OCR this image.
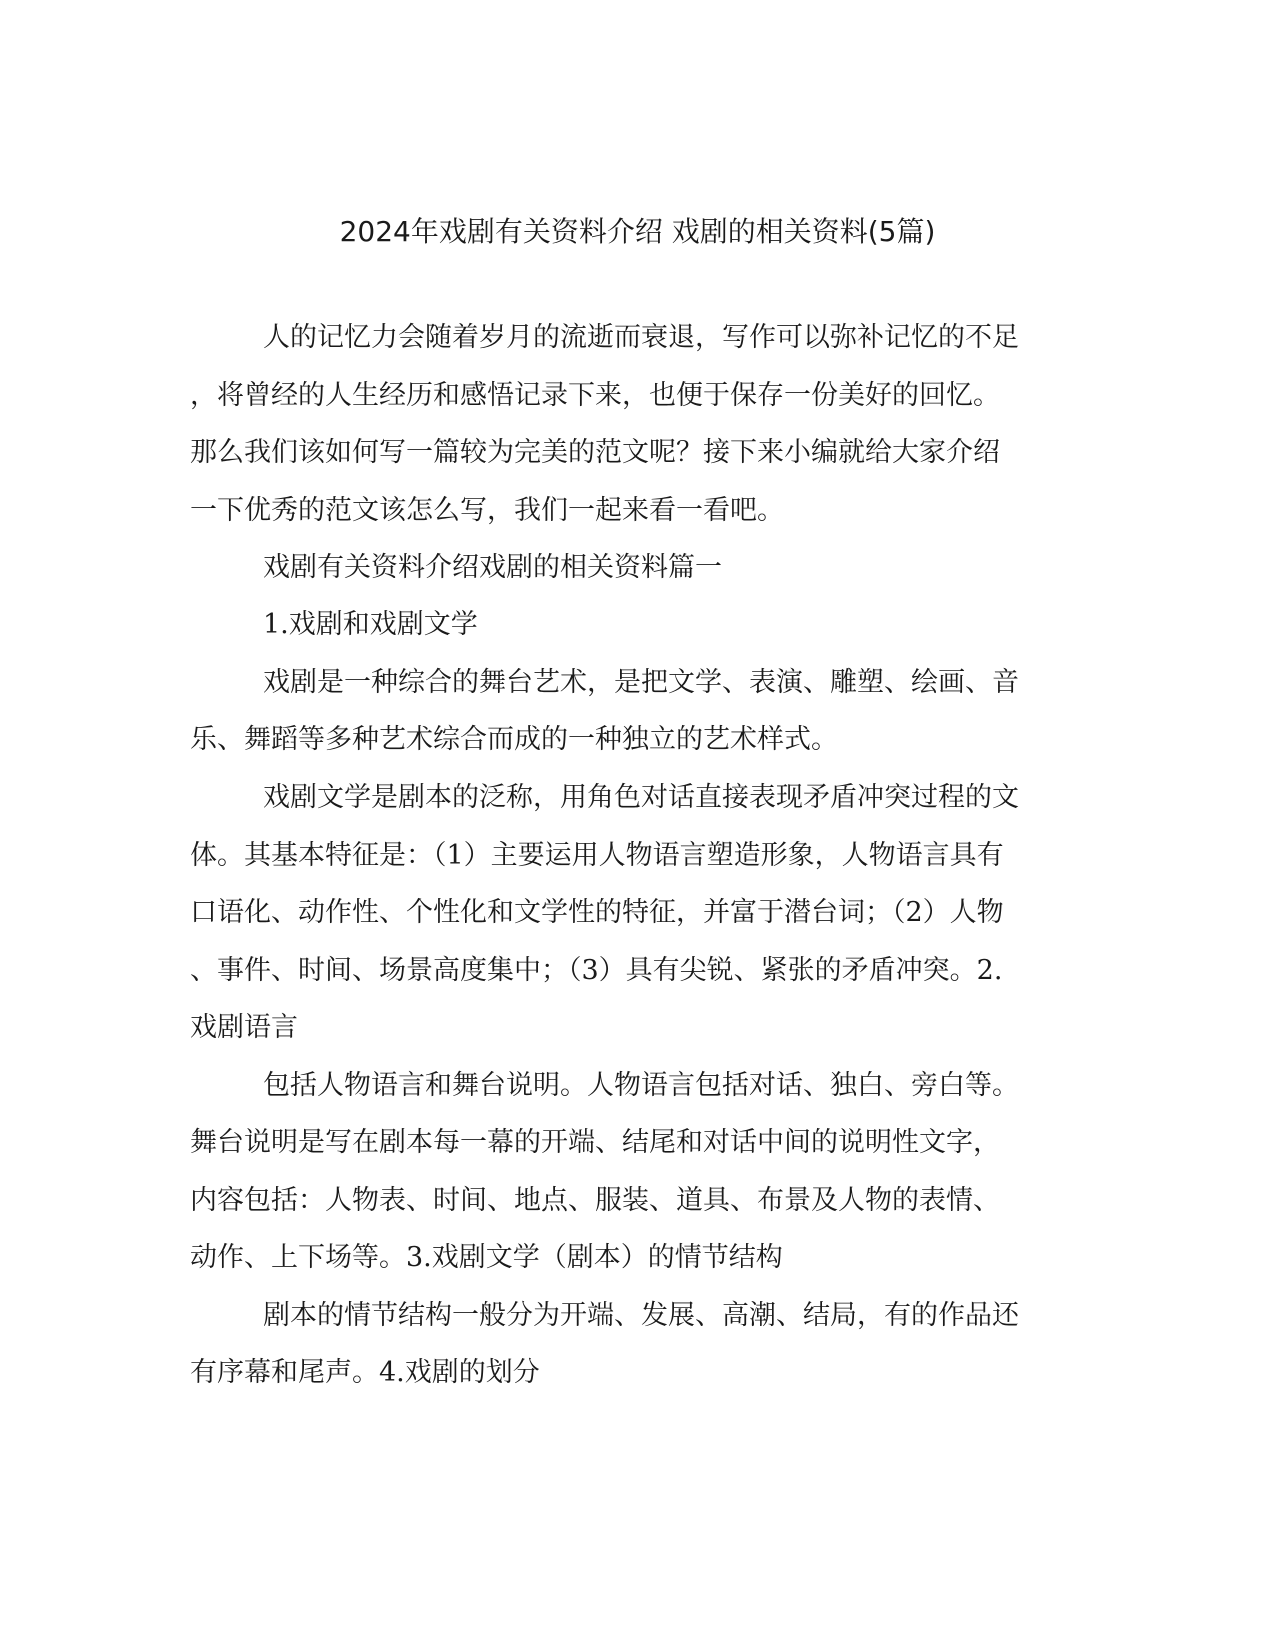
2024年戏剧有关资料介绍 戏剧的相关资料(5篇)
人的记忆力会随着岁月的流逝而衰退，写作可以弥补记忆的不足
，将曾经的人生经历和感悟记录下来，也便于保存一份美好的回忆。
那么我们该如何写一篇较为完美的范文呢？接下来小编就给大家介绍
一下优秀的范文该怎么写，我们一起来看一看吧。
戏剧有关资料介绍戏剧的相关资料篇一
1.戏剧和戏剧文学
戏剧是一种综合的舞台艺术，是把文学、表演、雕塑、绘画、音
乐、舞蹈等多种艺术综合而成的一种独立的艺术样式。
戏剧文学是剧本的泛称，用角色对话直接表现矛盾冲突过程的文
体。其基本特征是：（1）主要运用人物语言塑造形象，人物语言具有
口语化、动作性、个性化和文学性的特征，并富于潜台词；（2）人物
、事件、时间、场景高度集中；（3）具有尖锐、紧张的矛盾冲突。2.
戏剧语言
包括人物语言和舞台说明。人物语言包括对话、独白、旁白等。
舞台说明是写在剧本每一幕的开端、结尾和对话中间的说明性文字，
内容包括：人物表、时间、地点、服装、道具、布景及人物的表情、
动作、上下场等。3.戏剧文学（剧本）的情节结构
剧本的情节结构一般分为开端、发展、高潮、结局，有的作品还
有序幕和尾声。4.戏剧的划分
